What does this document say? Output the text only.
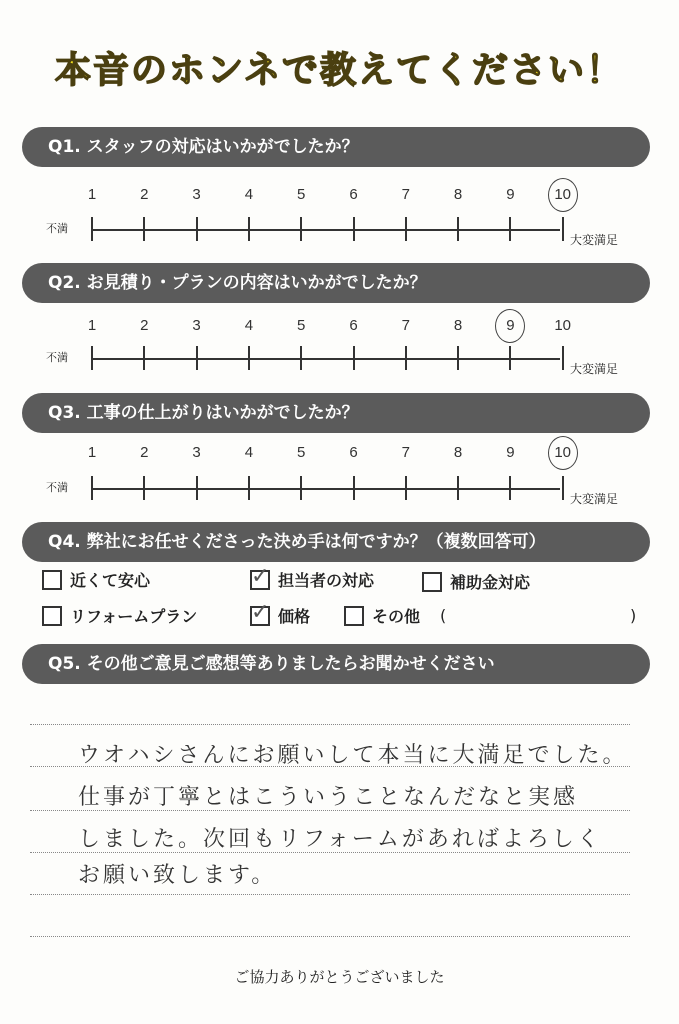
本音のホンネで教えてください！
Q1. スタッフの対応はいかがでしたか？
1	2	3	4	5	6	7	8	9	10
不満
大変満足
Q2. お見積り・プランの内容はいかがでしたか？
1	2	3	4	5	6	7	8	9	10
不満
大変満足
Q3. 工事の仕上がりはいかがでしたか？
1	2	3	4	5	6	7	8	9	10
不満
大変満足
Q4. 弊社にお任せくださった決め手は何ですか？（複数回答可）
近くて安心	✓ 担当者の対応	補助金対応
リフォームプラン ✓ 価格	その他 (	)
Q5. その他ご意見ご感想等ありましたらお聞かせください
ウオハシさんにお願いして本当に大満足でした。
仕事が丁寧とはこういうことなんだなと実感
しました。次回もリフォームがあればよろしく
お願い致します。
ご協力ありがとうございました
